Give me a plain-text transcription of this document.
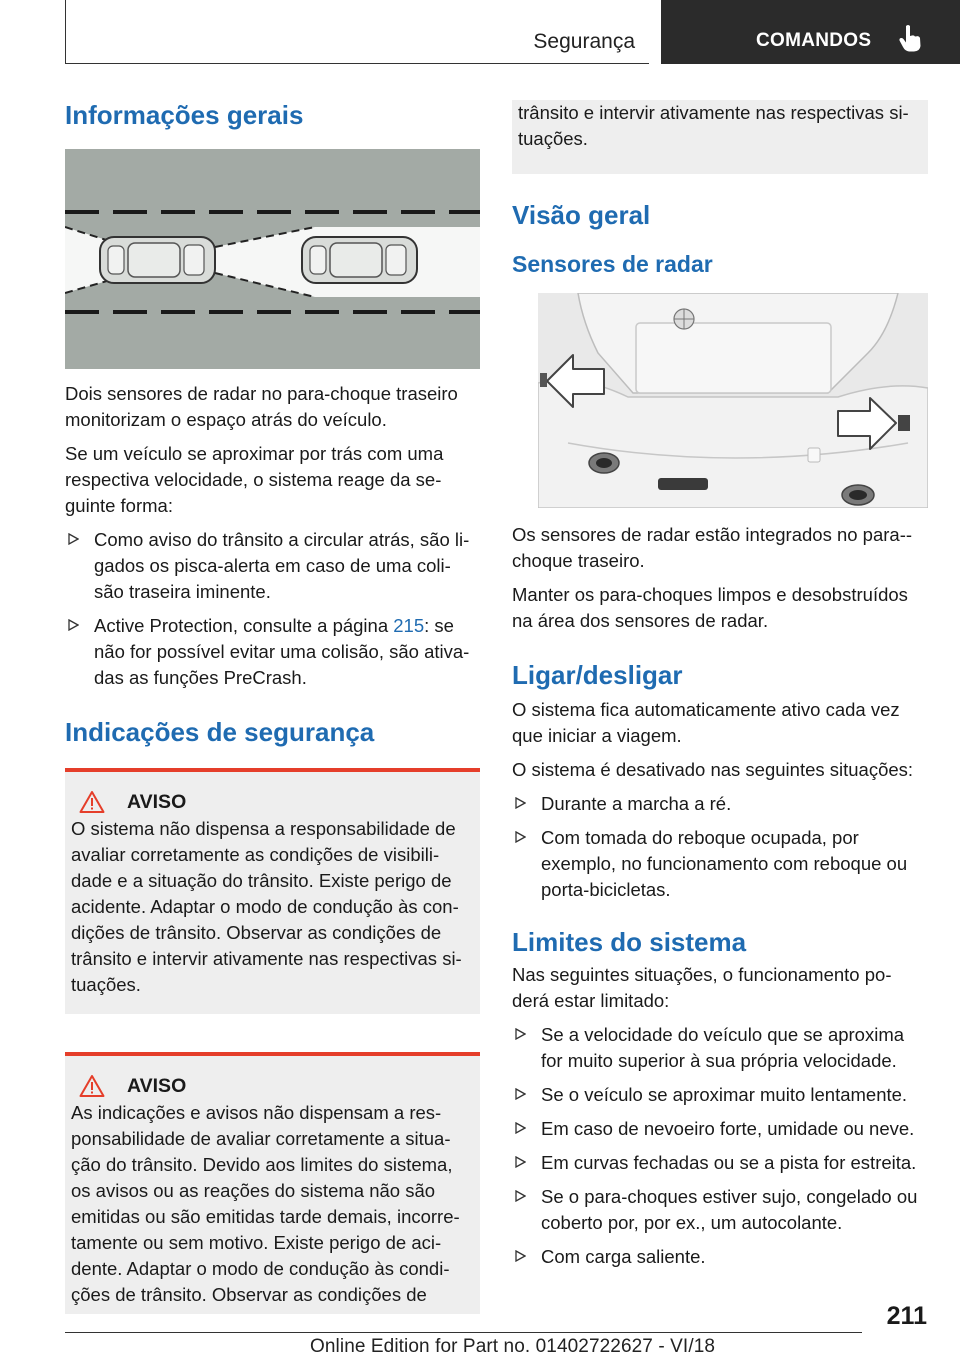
Segurança	COMANDOS
Informações gerais

Dois sensores de radar no para-choque traseiro monitorizam o espaço atrás do veículo.

Se um veículo se aproximar por trás com uma respectiva velocidade, o sistema reage da se-guinte forma:

Como aviso do trânsito a circular atrás, são li-gados os pisca-alerta em caso de uma coli-são traseira iminente.
Active Protection, consulte a página 215: se não for possível evitar uma colisão, são ativa-das as funções PreCrash.
Indicações de segurança
AVISO

O sistema não dispensa a responsabilidade de avaliar corretamente as condições de visibili-dade e a situação do trânsito. Existe perigo de acidente. Adaptar o modo de condução às con-dições de trânsito. Observar as condições de trânsito e intervir ativamente nas respectivas si-tuações.

AVISO

As indicações e avisos não dispensam a res-ponsabilidade de avaliar corretamente a situa-ção do trânsito. Devido aos limites do sistema, os avisos ou as reações do sistema não são emitidas ou são emitidas tarde demais, incorre-tamente ou sem motivo. Existe perigo de aci-dente. Adaptar o modo de condução às condi-ções de trânsito. Observar as condições de

trânsito e intervir ativamente nas respectivas si-tuações.

Visão geral
Sensores de radar

Os sensores de radar estão integrados no para--choque traseiro.

Manter os para-choques limpos e desobstruídos na área dos sensores de radar.

Ligar/desligar

O sistema fica automaticamente ativo cada vez que iniciar a viagem.

O sistema é desativado nas seguintes situações:

Durante a marcha a ré.
Com tomada do reboque ocupada, por exemplo, no funcionamento com reboque ou porta-bicicletas.
Limites do sistema

Nas seguintes situações, o funcionamento po-derá estar limitado:

Se a velocidade do veículo que se aproxima for muito superior à sua própria velocidade.
Se o veículo se aproximar muito lentamente.
Em caso de nevoeiro forte, umidade ou neve.
Em curvas fechadas ou se a pista for estreita.
Se o para-choques estiver sujo, congelado ou coberto por, por ex., um autocolante.
Com carga saliente.
211
Online Edition for Part no. 01402722627 - VI/18
